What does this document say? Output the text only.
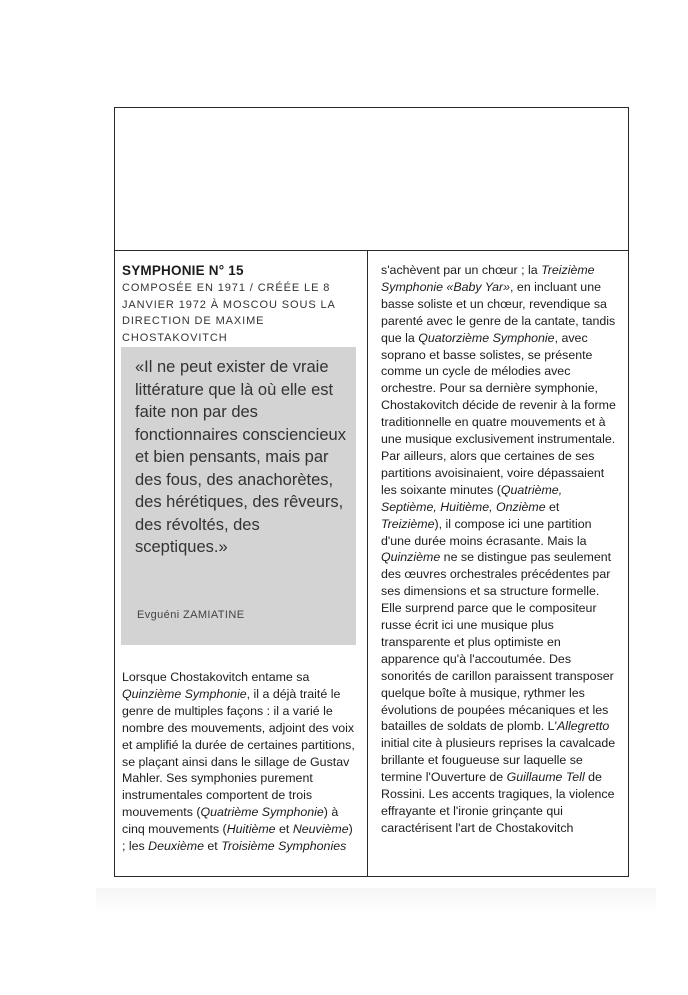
SYMPHONIE N° 15
COMPOSÉE EN 1971 / CRÉÉE LE 8
JANVIER 1972 À MOSCOU SOUS LA
DIRECTION DE MAXIME CHOSTAKOVITCH
«Il ne peut exister de vraie littérature que là où elle est faite non par des fonctionnaires consciencieux et bien pensants, mais par des fous, des anachorètes, des hérétiques, des rêveurs, des révoltés, des sceptiques.»
Evguéni ZAMIATINE
Lorsque Chostakovitch entame sa Quinzième Symphonie, il a déjà traité le genre de multiples façons : il a varié le nombre des mouvements, adjoint des voix et amplifié la durée de certaines partitions, se plaçant ainsi dans le sillage de Gustav Mahler. Ses symphonies purement instrumentales comportent de trois mouvements (Quatrième Symphonie) à cinq mouvements (Huitième et Neuvième) ; les Deuxième et Troisième Symphonies
s'achèvent par un chœur ; la Treizième Symphonie «Baby Yar», en incluant une basse soliste et un chœur, revendique sa parenté avec le genre de la cantate, tandis que la Quatorzième Symphonie, avec soprano et basse solistes, se présente comme un cycle de mélodies avec orchestre. Pour sa dernière symphonie, Chostakovitch décide de revenir à la forme traditionnelle en quatre mouvements et à une musique exclusivement instrumentale. Par ailleurs, alors que certaines de ses partitions avoisinaient, voire dépassaient les soixante minutes (Quatrième, Septième, Huitième, Onzième et Treizième), il compose ici une partition d'une durée moins écrasante. Mais la Quinzième ne se distingue pas seulement des œuvres orchestrales précédentes par ses dimensions et sa structure formelle. Elle surprend parce que le compositeur russe écrit ici une musique plus transparente et plus optimiste en apparence qu'à l'accoutumée. Des sonorités de carillon paraissent transposer quelque boîte à musique, rythmer les évolutions de poupées mécaniques et les batailles de soldats de plomb. L'Allegretto initial cite à plusieurs reprises la cavalcade brillante et fougueuse sur laquelle se termine l'Ouverture de Guillaume Tell de Rossini. Les accents tragiques, la violence effrayante et l'ironie grinçante qui caractérisent l'art de Chostakovitch
